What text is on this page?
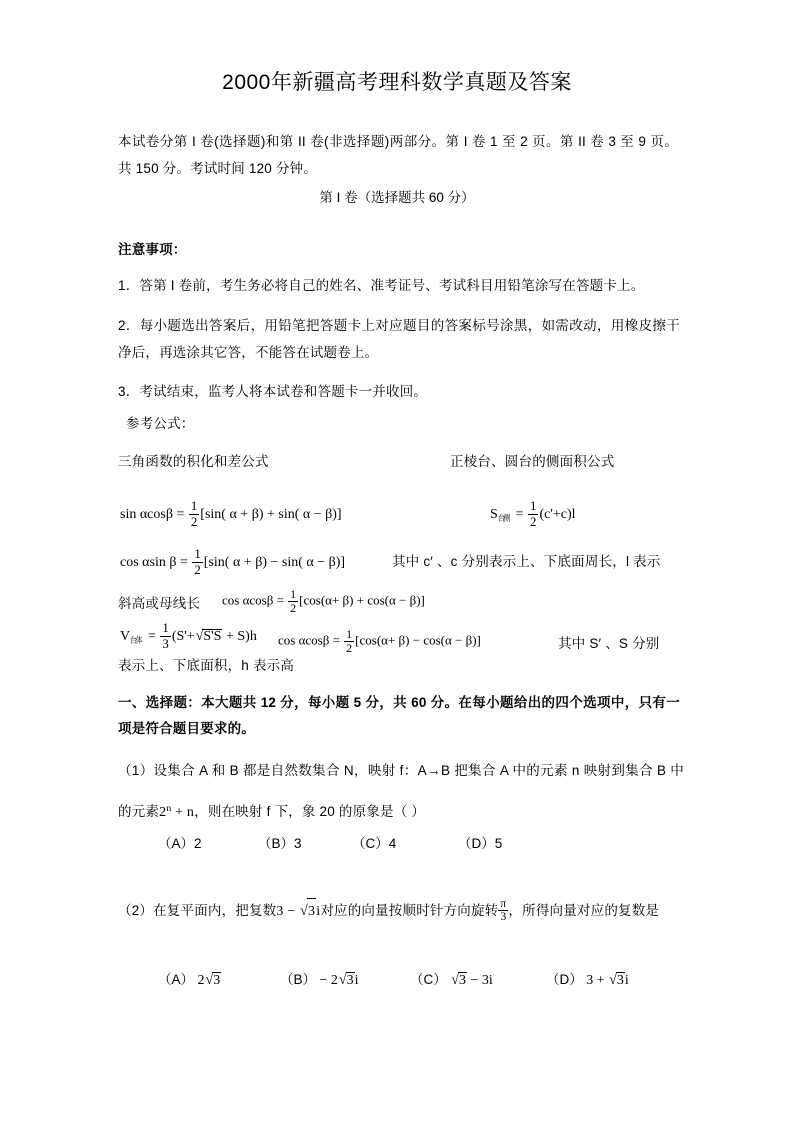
2000年新疆高考理科数学真题及答案
本试卷分第 I 卷(选择题)和第 II 卷(非选择题)两部分。第 I 卷 1 至 2 页。第 II 卷 3 至 9 页。共 150 分。考试时间 120 分钟。
第 I 卷（选择题共 60 分）
注意事项：
1．答第 I 卷前，考生务必将自己的姓名、准考证号、考试科目用铅笔涂写在答题卡上。
2．每小题选出答案后，用铅笔把答题卡上对应题目的答案标号涂黑，如需改动，用橡皮擦干净后，再选涂其它答，不能答在试题卷上。
3．考试结束，监考人将本试卷和答题卡一并收回。
参考公式：
三角函数的积化和差公式	正棱台、圆台的侧面积公式
$\sin \alpha\cos\beta = \frac{1}{2} [\sin$( α + β) + sin( α − β)]
cos αsin $\beta = \frac{1}{2} [\sin$( α + β) − sin( α − β)]
$\cos \alpha\cos\beta = \frac{1}{2} [\cos(\alpha+ \beta) + \cos(\alpha - \beta)]$
$\cos \alpha\cos\beta = \frac{1}{2} [\cos(\alpha+ \beta) - \cos(\alpha - \beta)]$
S台侧 = $\frac{1}{2} (c'+c)l$
V台体 = $\frac{1}{3} (S'+√S'S + S)h$
其中 c′ 、c 分别表示上、下底面周长，l 表示
斜高或母线长
其中 S′ 、S 分别
表示上、下底面积，h 表示高
一、选择题：本大题共 12 分，每小题 5 分，共 60 分。在每小题给出的四个选项中，只有一项是符合题目要求的。
（1）设集合 A 和 B 都是自然数集合 N，映射 f：A→B 把集合 A 中的元素 n 映射到集合 B 中的元素$2^n + n$，则在映射 f 下，象 20 的原象是（ ）
（A）2	（B）3	（C）4	（D）5
（2）在复平面内，把复数3 − √3i对应的向量按顺时针方向旋转 $\frac{\pi}{3}$ ，所得向量对应的复数是
（A） 2√3	（B） − 2√3i	（C） √3 − 3i	（D） 3 + √3i
